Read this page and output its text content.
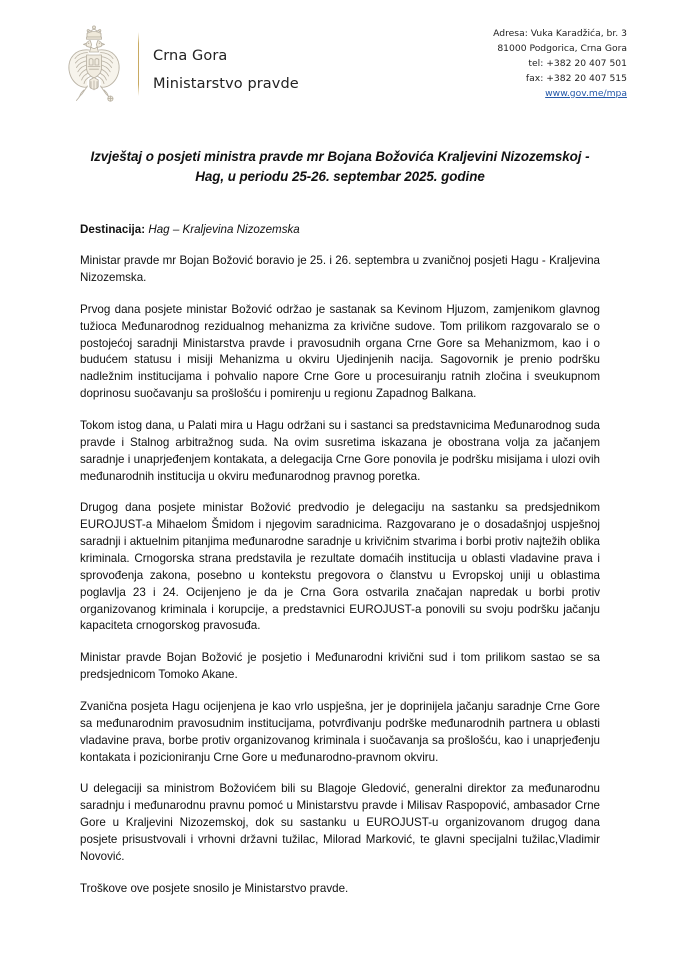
Crna Gora
Ministarstvo pravde
Adresa: Vuka Karadžića, br. 3
81000 Podgorica, Crna Gora
tel: +382 20 407 501
fax: +382 20 407 515
www.gov.me/mpa
Izvještaj o posjeti ministra pravde mr Bojana Božovića Kraljevini Nizozemskoj - Hag, u periodu 25-26. septembar 2025. godine
Destinacija: Hag – Kraljevina Nizozemska

Ministar pravde mr Bojan Božović boravio je 25. i 26. septembra u zvaničnoj posjeti Hagu - Kraljevina Nizozemska.

Prvog dana posjete ministar Božović održao je sastanak sa Kevinom Hjuzom, zamjenikom glavnog tužioca Međunarodnog rezidualnog mehanizma za krivične sudove. Tom prilikom razgovaralo se o postojećoj saradnji Ministarstva pravde i pravosudnih organa Crne Gore sa Mehanizmom, kao i o budućem statusu i misiji Mehanizma u okviru Ujedinjenih nacija. Sagovornik je prenio podršku nadležnim institucijama i pohvalio napore Crne Gore u procesuiranju ratnih zločina i sveukupnom doprinosu suočavanju sa prošlošću i pomirenju u regionu Zapadnog Balkana.

Tokom istog dana, u Palati mira u Hagu održani su i sastanci sa predstavnicima Međunarodnog suda pravde i Stalnog arbitražnog suda. Na ovim susretima iskazana je obostrana volja za jačanjem saradnje i unaprjeđenjem kontakata, a delegacija Crne Gore ponovila je podršku misijama i ulozi ovih međunarodnih institucija u okviru međunarodnog pravnog poretka.

Drugog dana posjete ministar Božović predvodio je delegaciju na sastanku sa predsjednikom EUROJUST-a Mihaelom Šmidom i njegovim saradnicima. Razgovarano je o dosadašnjoj uspješnoj saradnji i aktuelnim pitanjima međunarodne saradnje u krivičnim stvarima i borbi protiv najtežih oblika kriminala. Crnogorska strana predstavila je rezultate domaćih institucija u oblasti vladavine prava i sprovođenja zakona, posebno u kontekstu pregovora o članstvu u Evropskoj uniji u oblastima poglavlja 23 i 24. Ocijenjeno je da je Crna Gora ostvarila značajan napredak u borbi protiv organizovanog kriminala i korupcije, a predstavnici EUROJUST-a ponovili su svoju podršku jačanju kapaciteta crnogorskog pravosuđa.

Ministar pravde Bojan Božović je posjetio i Međunarodni krivični sud i tom prilikom sastao se sa predsjednicom Tomoko Akane.

Zvanična posjeta Hagu ocijenjena je kao vrlo uspješna, jer je doprinijela jačanju saradnje Crne Gore sa međunarodnim pravosudnim institucijama, potvrđivanju podrške međunarodnih partnera u oblasti vladavine prava, borbe protiv organizovanog kriminala i suočavanja sa prošlošću, kao i unaprjeđenju kontakata i pozicioniranju Crne Gore u međunarodno-pravnom okviru.

U delegaciji sa ministrom Božovićem bili su Blagoje Gledović, generalni direktor za međunarodnu saradnju i međunarodnu pravnu pomoć u Ministarstvu pravde i Milisav Raspopović, ambasador Crne Gore u Kraljevini Nizozemskoj, dok su sastanku u EUROJUST-u organizovanom drugog dana posjete prisustvovali i vrhovni državni tužilac, Milorad Marković, te glavni specijalni tužilac,Vladimir Novović.

Troškove ove posjete snosilo je Ministarstvo pravde.
